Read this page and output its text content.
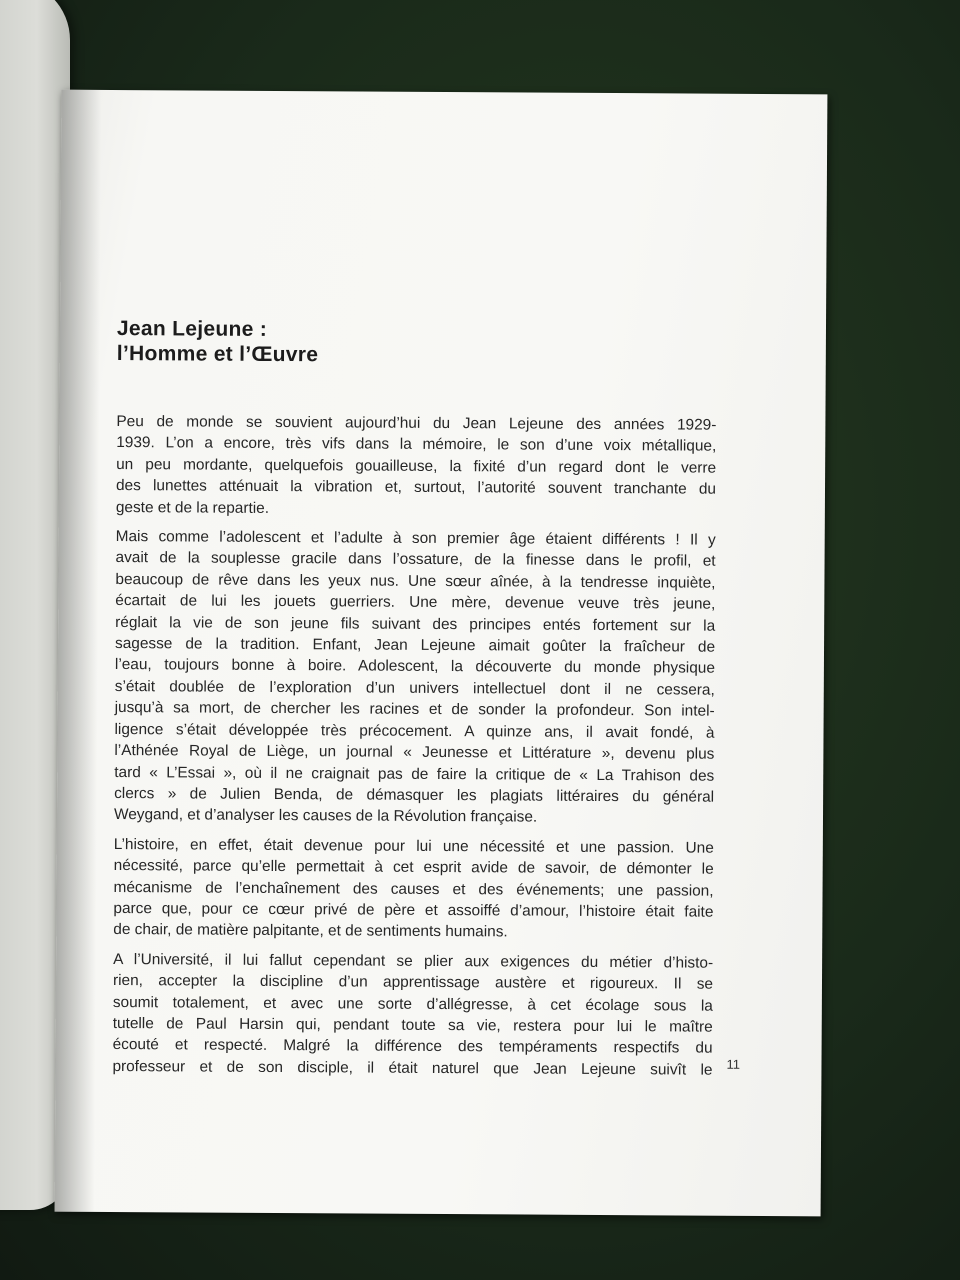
Jean Lejeune :
l’Homme et l’Œuvre
Peu de monde se souvient aujourd’hui du Jean Lejeune des années 1929-
1939. L’on a encore, très vifs dans la mémoire, le son d’une voix métallique,
un peu mordante, quelquefois gouailleuse, la fixité d’un regard dont le verre
des lunettes atténuait la vibration et, surtout, l’autorité souvent tranchante du
geste et de la repartie.
Mais comme l’adolescent et l’adulte à son premier âge étaient différents ! Il y
avait de la souplesse gracile dans l’ossature, de la finesse dans le profil, et
beaucoup de rêve dans les yeux nus. Une sœur aînée, à la tendresse inquiète,
écartait de lui les jouets guerriers. Une mère, devenue veuve très jeune,
réglait la vie de son jeune fils suivant des principes entés fortement sur la
sagesse de la tradition. Enfant, Jean Lejeune aimait goûter la fraîcheur de
l’eau, toujours bonne à boire. Adolescent, la découverte du monde physique
s’était doublée de l’exploration d’un univers intellectuel dont il ne cessera,
jusqu’à sa mort, de chercher les racines et de sonder la profondeur. Son intel-
ligence s’était développée très précocement. A quinze ans, il avait fondé, à
l’Athénée Royal de Liège, un journal « Jeunesse et Littérature », devenu plus
tard « L’Essai », où il ne craignait pas de faire la critique de « La Trahison des
clercs » de Julien Benda, de démasquer les plagiats littéraires du général
Weygand, et d’analyser les causes de la Révolution française.
L’histoire, en effet, était devenue pour lui une nécessité et une passion. Une
nécessité, parce qu’elle permettait à cet esprit avide de savoir, de démonter le
mécanisme de l’enchaînement des causes et des événements; une passion,
parce que, pour ce cœur privé de père et assoiffé d’amour, l’histoire était faite
de chair, de matière palpitante, et de sentiments humains.
A l’Université, il lui fallut cependant se plier aux exigences du métier d’histo-
rien, accepter la discipline d’un apprentissage austère et rigoureux. Il se
soumit totalement, et avec une sorte d’allégresse, à cet écolage sous la
tutelle de Paul Harsin qui, pendant toute sa vie, restera pour lui le maître
écouté et respecté. Malgré la différence des tempéraments respectifs du
professeur et de son disciple, il était naturel que Jean Lejeune suivît le 11
